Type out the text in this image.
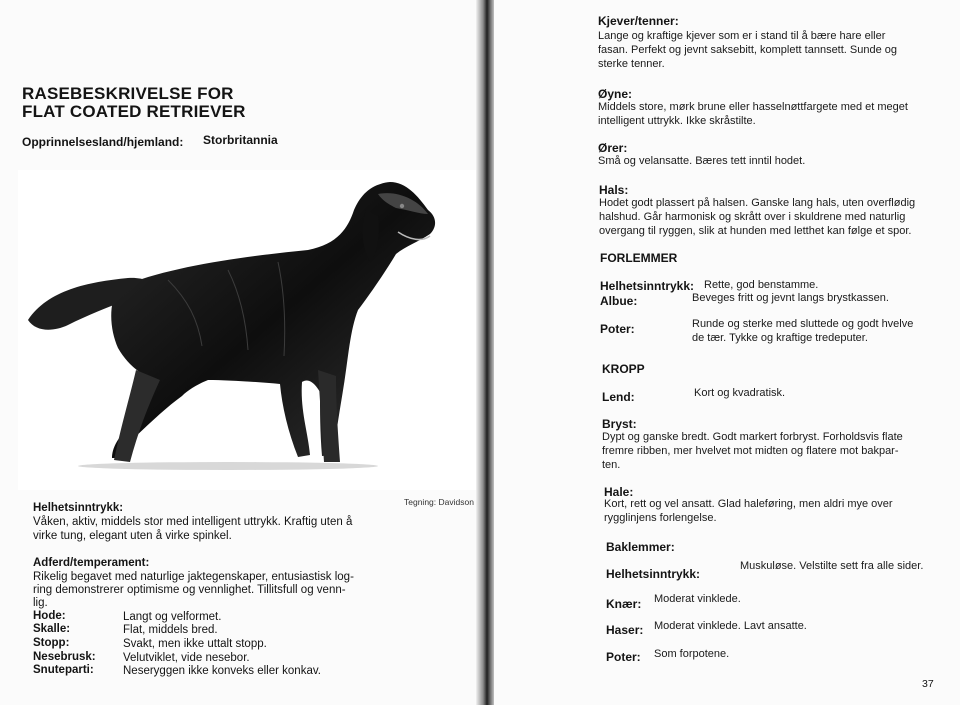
RASEBESKRIVELSE FOR
FLAT COATED RETRIEVER
Opprinnelsesland/hjemland: Storbritannia
Tegning: Davidson
Helhetsinntrykk:
Våken, aktiv, middels stor med intelligent uttrykk. Kraftig uten å
virke tung, elegant uten å virke spinkel.
Adferd/temperament:
Rikelig begavet med naturlige jaktegenskaper, entusiastisk log-
ring demonstrerer optimisme og vennlighet. Tillitsfull og venn-
lig.
Hode:	Langt og velformet.
Skalle:	Flat, middels bred.
Stopp:	Svakt, men ikke uttalt stopp.
Nesebrusk: Velutviklet, vide nesebor.
Snuteparti:	Neseryggen ikke konveks eller konkav.
Kjever/tenner:
Lange og kraftige kjever som er i stand til å bære hare eller
fasan. Perfekt og jevnt saksebitt, komplett tannsett. Sunde og
sterke tenner.
Øyne:
Middels store, mørk brune eller hasselnøttfargete med et meget
intelligent uttrykk. Ikke skråstilte.
Ører:
Små og velansatte. Bæres tett inntil hodet.
Hals:
Hodet godt plassert på halsen. Ganske lang hals, uten overflødig
halshud. Går harmonisk og skrått over i skuldrene med naturlig
overgang til ryggen, slik at hunden med letthet kan følge et spor.
FORLEMMER
Helhetsinntrykk: Rette, god benstamme.
Albue:	Beveges fritt og jevnt langs brystkassen.
Poter:	Runde og sterke med sluttede og godt hvelve
de tær. Tykke og kraftige tredeputer.
KROPP
Lend:	Kort og kvadratisk.
Bryst:
Dypt og ganske bredt. Godt markert forbryst. Forholdsvis flate
fremre ribben, mer hvelvet mot midten og flatere mot bakpar-
ten.
Hale:
Kort, rett og vel ansatt. Glad haleføring, men aldri mye over
rygglinjens forlengelse.
Baklemmer:
Helhetsinntrykk:
Muskuløse. Velstilte sett fra alle sider.
Knær: Moderat vinklede.
Haser: Moderat vinklede. Lavt ansatte.
Poter: Som forpotene.
37
